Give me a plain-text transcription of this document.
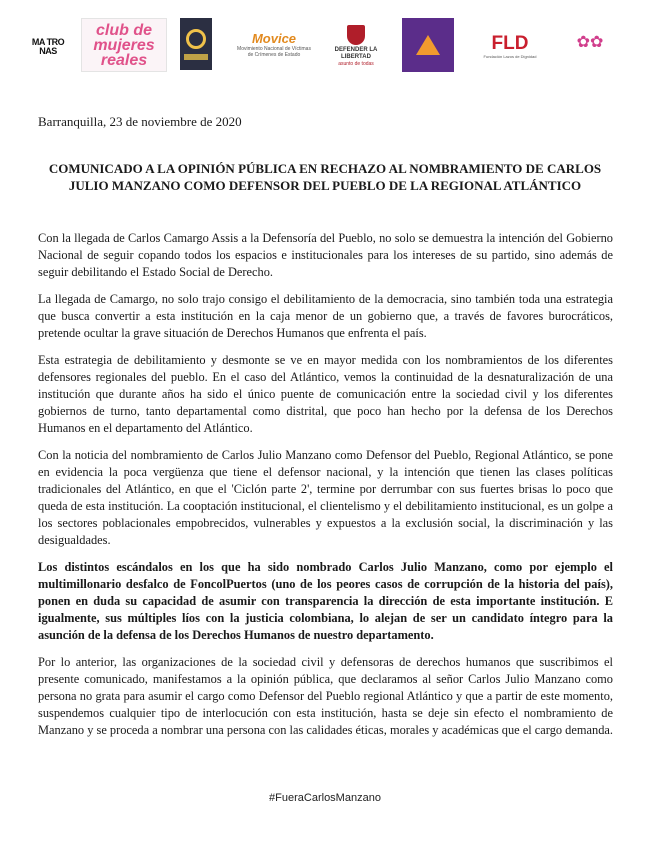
MA TRO NAS
club de mujeres reales
Movice
Movimiento Nacional de Víctimas de Crímenes de Estado
DEFENDER LA LIBERTAD
asunto de todas
FLD
Fundación Lazos de Dignidad
✿✿
Barranquilla, 23 de noviembre de 2020
COMUNICADO A LA OPINIÓN PÚBLICA EN RECHAZO AL NOMBRAMIENTO DE CARLOS JULIO MANZANO COMO DEFENSOR DEL PUEBLO DE LA REGIONAL ATLÁNTICO

Con la llegada de Carlos Camargo Assis a la Defensoría del Pueblo, no solo se demuestra la intención del Gobierno Nacional de seguir copando todos los espacios e institucionales para los intereses de su partido, sino además de seguir debilitando el Estado Social de Derecho.

La llegada de Camargo, no solo trajo consigo el debilitamiento de la democracia, sino también toda una estrategia que busca convertir a esta institución en la caja menor de un gobierno que, a través de favores burocráticos, pretende ocultar la grave situación de Derechos Humanos que enfrenta el país.

Esta estrategia de debilitamiento y desmonte se ve en mayor medida con los nombramientos de los diferentes defensores regionales del pueblo. En el caso del Atlántico, vemos la continuidad de la desnaturalización de una institución que durante años ha sido el único puente de comunicación entre la sociedad civil y los diferentes gobiernos de turno, tanto departamental como distrital, que poco han hecho por la defensa de los Derechos Humanos en el departamento del Atlántico.

Con la noticia del nombramiento de Carlos Julio Manzano como Defensor del Pueblo, Regional Atlántico, se pone en evidencia la poca vergüenza que tiene el defensor nacional, y la intención que tienen las clases políticas tradicionales del Atlántico, en que el 'Ciclón parte 2', termine por derrumbar con sus fuertes brisas lo poco que queda de esta institución. La cooptación institucional, el clientelismo y el debilitamiento institucional, es un golpe a los sectores poblacionales empobrecidos, vulnerables y expuestos a la exclusión social, la discriminación y las desigualdades.

Los distintos escándalos en los que ha sido nombrado Carlos Julio Manzano, como por ejemplo el multimillonario desfalco de FoncolPuertos (uno de los peores casos de corrupción de la historia del país), ponen en duda su capacidad de asumir con transparencia la dirección de esta importante institución. E igualmente, sus múltiples líos con la justicia colombiana, lo alejan de ser un candidato íntegro para la asunción de la defensa de los Derechos Humanos de nuestro departamento.

Por lo anterior, las organizaciones de la sociedad civil y defensoras de derechos humanos que suscribimos el presente comunicado, manifestamos a la opinión pública, que declaramos al señor Carlos Julio Manzano como persona no grata para asumir el cargo como Defensor del Pueblo regional Atlántico y que a partir de este momento, suspendemos cualquier tipo de interlocución con esta institución, hasta se deje sin efecto el nombramiento de Manzano y se proceda a nombrar una persona con las calidades éticas, morales y académicas que el cargo demanda.

#FueraCarlosManzano
